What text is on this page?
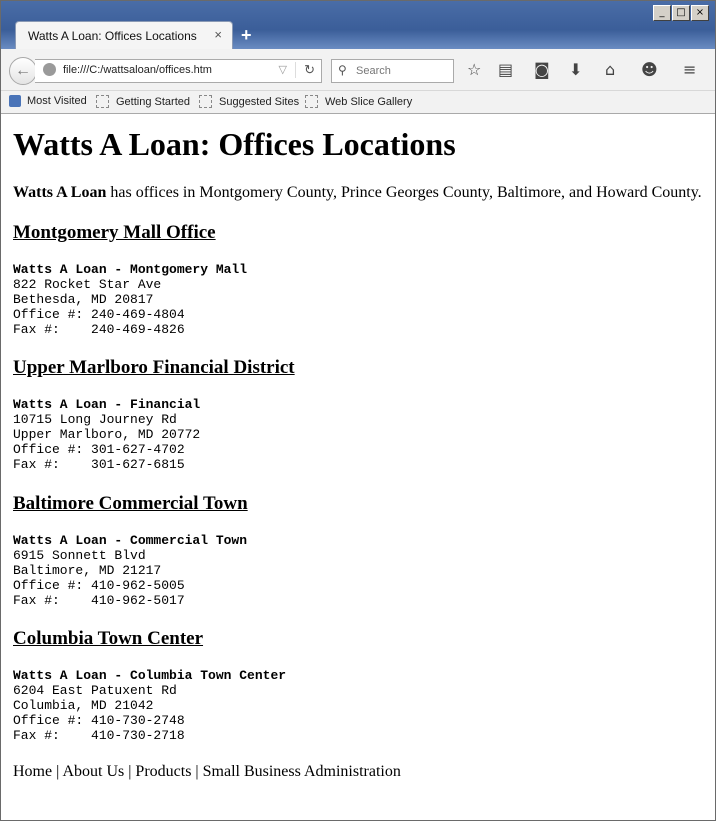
_	□	×
Watts A Loan: Offices Locations × +
←	file:///C:/wattsaloan/offices.htm	▽	↻ ⚲ Search	☆ ▤ ◙ ⬇ ⌂ ☻ ≡
Most Visited	Getting Started	Suggested Sites Web Slice Gallery
Watts A Loan: Offices Locations

Watts A Loan has offices in Montgomery County, Prince Georges County, Baltimore, and Howard County.

Montgomery Mall Office
Watts A Loan - Montgomery Mall
822 Rocket Star Ave
Bethesda, MD 20817
Office #: 240-469-4804
Fax #:    240-469-4826
Upper Marlboro Financial District
Watts A Loan - Financial
10715 Long Journey Rd
Upper Marlboro, MD 20772
Office #: 301-627-4702
Fax #:    301-627-6815
Baltimore Commercial Town
Watts A Loan - Commercial Town
6915 Sonnett Blvd
Baltimore, MD 21217
Office #: 410-962-5005
Fax #:    410-962-5017
Columbia Town Center
Watts A Loan - Columbia Town Center
6204 East Patuxent Rd
Columbia, MD 21042
Office #: 410-730-2748
Fax #:    410-730-2718
Home | About Us | Products | Small Business Administration
